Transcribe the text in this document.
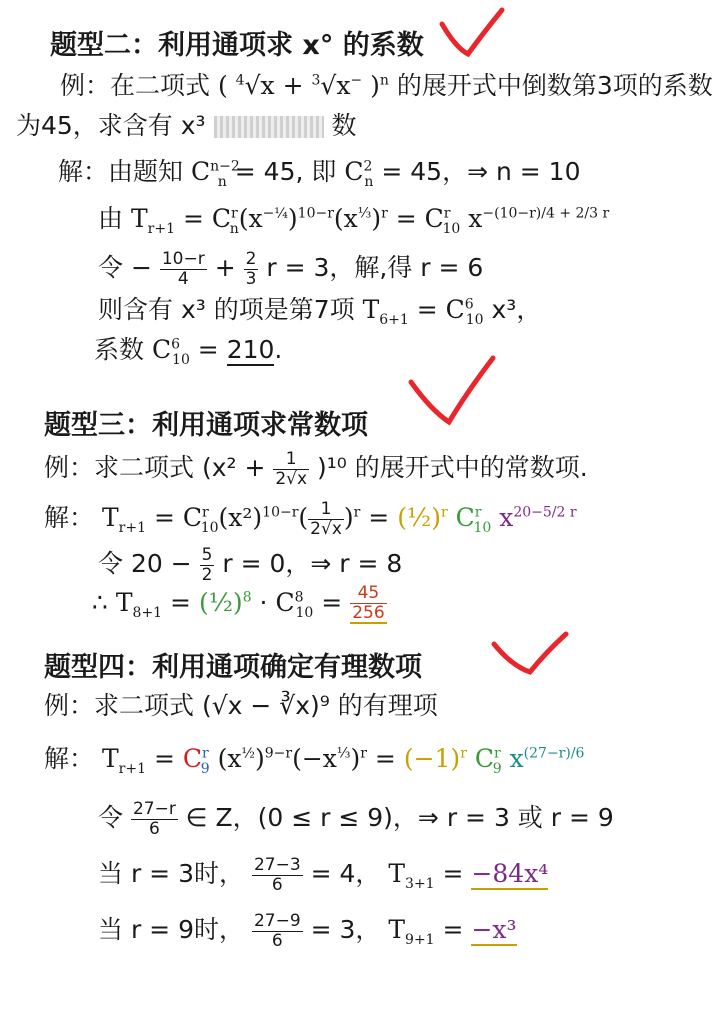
题型二：利用通项求 x° 的系数
例：在二项式 ( $^4$√x + $^3$√x− )$^n$ 的展开式中倒数第3项的系数
为45，求含有 x³	数
解：由题知 $C^{n-2}_n = 45$, 即 $C^2_n = 45$，⇒ n = 10
由 $T_{r+1} = C^r_n(x^{-\frac{1}{4}})^{10-r}(x^{\frac{1}{3}})^r = C^r_{10}$ $x^{-(10-r)/4 + 2/3 r}$
令 − $\frac{10-r}{4} + \frac{2}{3}$ r = 3，解,得 r = 6
则含有 x³ 的项是第7项 $T_{6+1} = C^6_{10}$ x³，
系数 $C^6_{10} = 210$.
题型三：利用通项求常数项
例：求二项式 $(x^2 + \frac{1}{2√x} )^{10}$ 的展开式中的常数项.
解： $T_{r+1} = C^r_{10}(x^2)^{10-r}( \frac{1}{2√x} )^r$ = (½)$^r$ $C^r_{10}$ $x^{20-5/2 r}$
令 $20 - \frac{5}{2}$ r = 0，⇒ r = 8
∴ $T_{8+1}$ = (½)$^8$ · $C^8_{10} = \frac{45}{256}$
题型四：利用通项确定有理数项
例：求二项式 (√x − ∛x)⁹ 的有理项
解： $T_{r+1} = C^r_9$ $(x^{\frac{1}{2}})^{9-r}(-x^{\frac{1}{3}})^r = (-1)^r$ $C^r_9$ $x^{(27-r)/6}$
令 $\frac{27-r}{6}$ ∈ Z，(0 ≤ r ≤ 9)，⇒ r = 3 或 r = 9
当 r = 3时， $\frac{27-3}{6} = 4$， $T_{3+1} = -84x^4$
当 r = 9时， $\frac{27-9}{6} = 3$， $T_{9+1} = -x^3$
